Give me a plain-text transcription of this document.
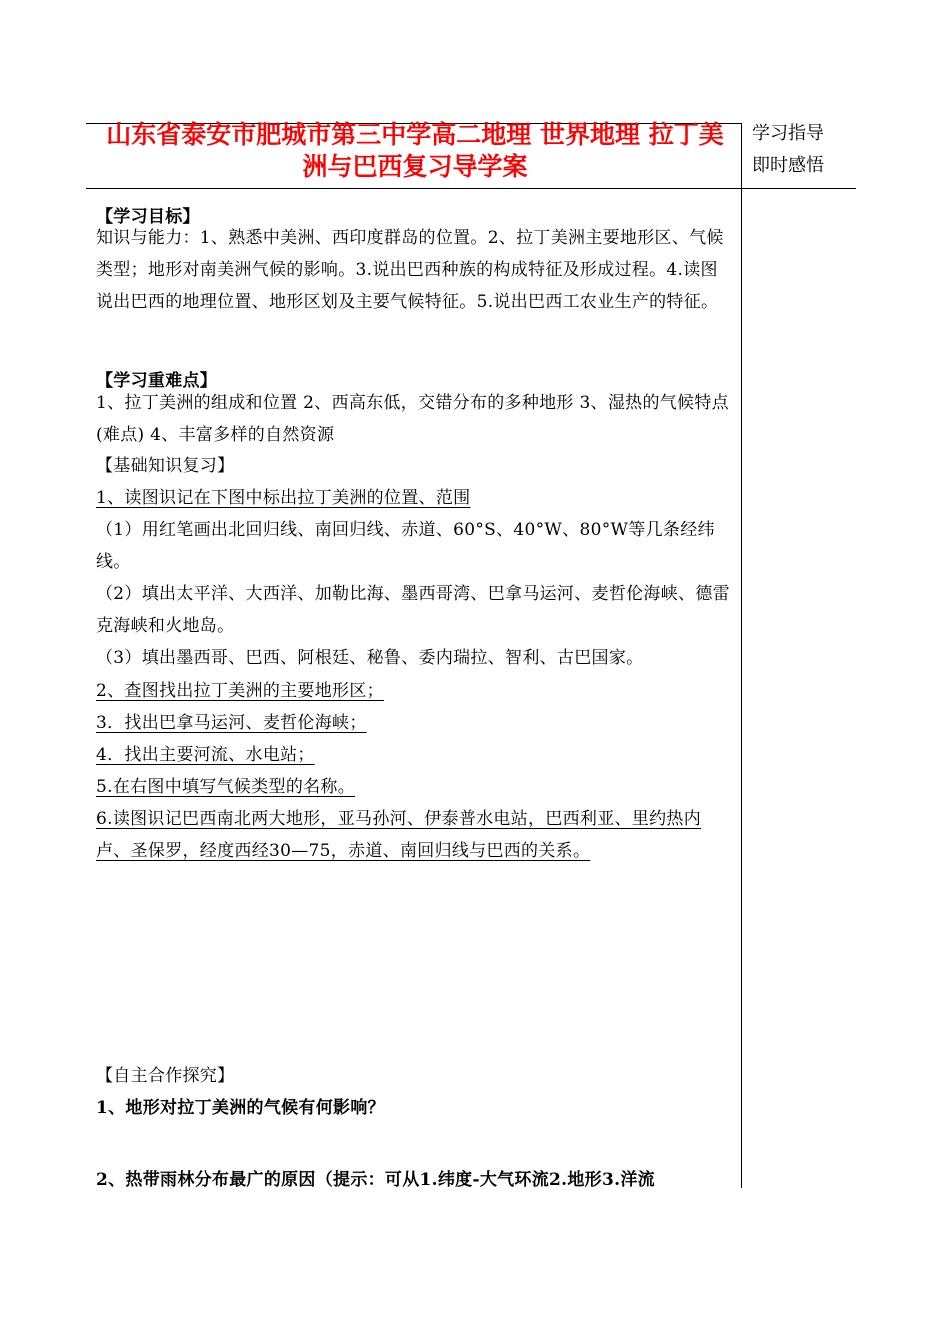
山东省泰安市肥城市第三中学高二地理 世界地理 拉丁美洲与巴西复习导学案
学习指导
即时感悟
【学习目标】
知识与能力：1、熟悉中美洲、西印度群岛的位置。2、拉丁美洲主要地形区、气候类型；地形对南美洲气候的影响。3.说出巴西种族的构成特征及形成过程。4.读图说出巴西的地理位置、地形区划及主要气候特征。5.说出巴西工农业生产的特征。
【学习重难点】
1、拉丁美洲的组成和位置 2、西高东低，交错分布的多种地形 3、湿热的气候特点(难点) 4、丰富多样的自然资源
【基础知识复习】
1、读图识记在下图中标出拉丁美洲的位置、范围
（1）用红笔画出北回归线、南回归线、赤道、60°S、40°W、80°W等几条经纬线。
（2）填出太平洋、大西洋、加勒比海、墨西哥湾、巴拿马运河、麦哲伦海峡、德雷克海峡和火地岛。
（3）填出墨西哥、巴西、阿根廷、秘鲁、委内瑞拉、智利、古巴国家。
2、查图找出拉丁美洲的主要地形区；
3．找出巴拿马运河、麦哲伦海峡；
4．找出主要河流、水电站；
5.在右图中填写气候类型的名称。
6.读图识记巴西南北两大地形，亚马孙河、伊泰普水电站，巴西利亚、里约热内卢、圣保罗，经度西经30—75，赤道、南回归线与巴西的关系。
【自主合作探究】
1、地形对拉丁美洲的气候有何影响？
2、热带雨林分布最广的原因（提示：可从1.纬度-大气环流2.地形3.洋流
